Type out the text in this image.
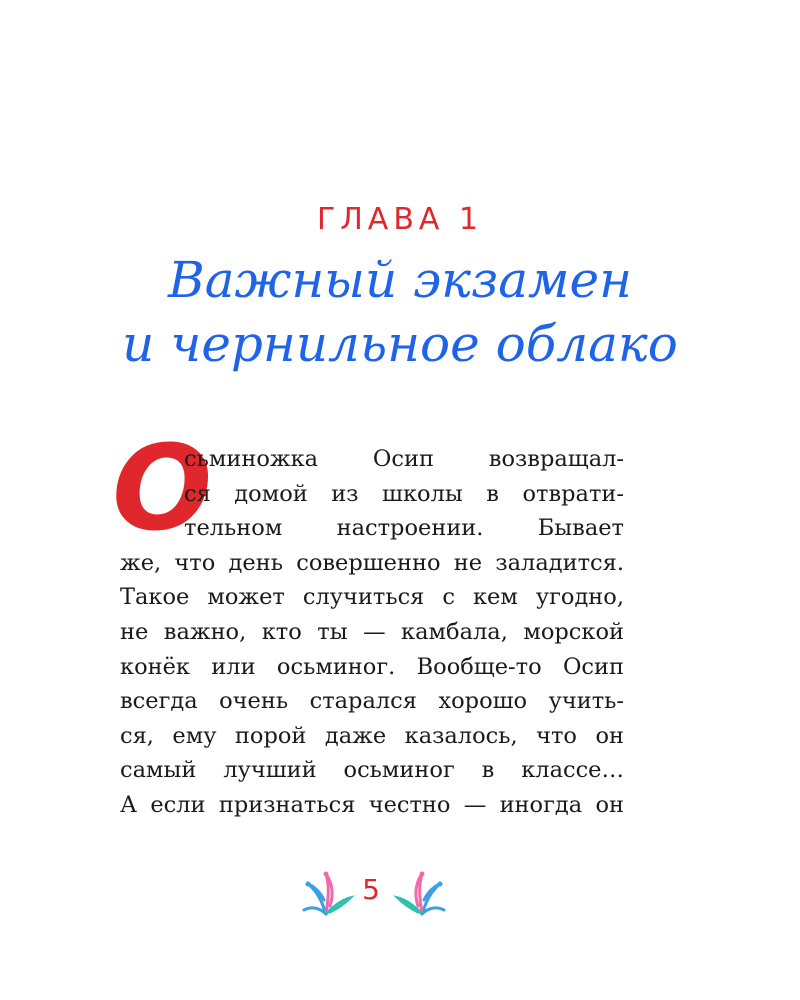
ГЛАВА 1
Важный экзамен
и чернильное облако
О
сьминожка Осип возвращал-
ся домой из школы в отврати-
тельном настроении. Бывает
же, что день совершенно не заладится.
Такое может случиться с кем угодно,
не важно, кто ты — камбала, морской
конёк или осьминог. Вообще-то Осип
всегда очень старался хорошо учить-
ся, ему порой даже казалось, что он
самый лучший осьминог в классе…
А если признаться честно — иногда он
5
